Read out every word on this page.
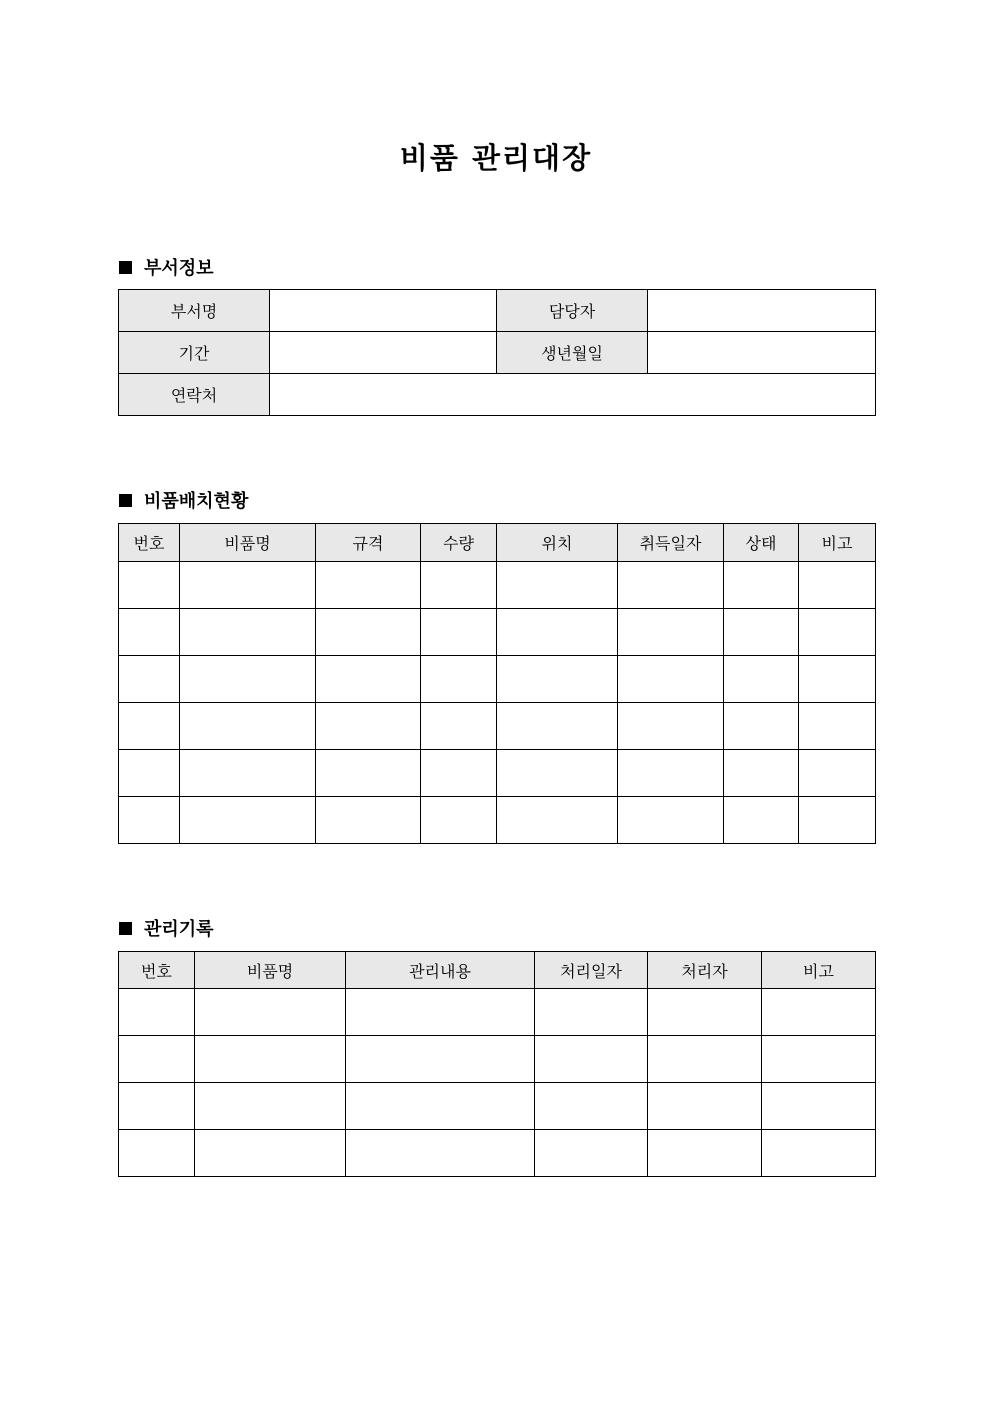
비품 관리대장
부서정보
부서명		담당자	
기간		생년월일	
연락처			
비품배치현황
번호	비품명	규격	수량	위치	취득일자	상태	비고

관리기록
번호	비품명	관리내용	처리일자	처리자	비고
